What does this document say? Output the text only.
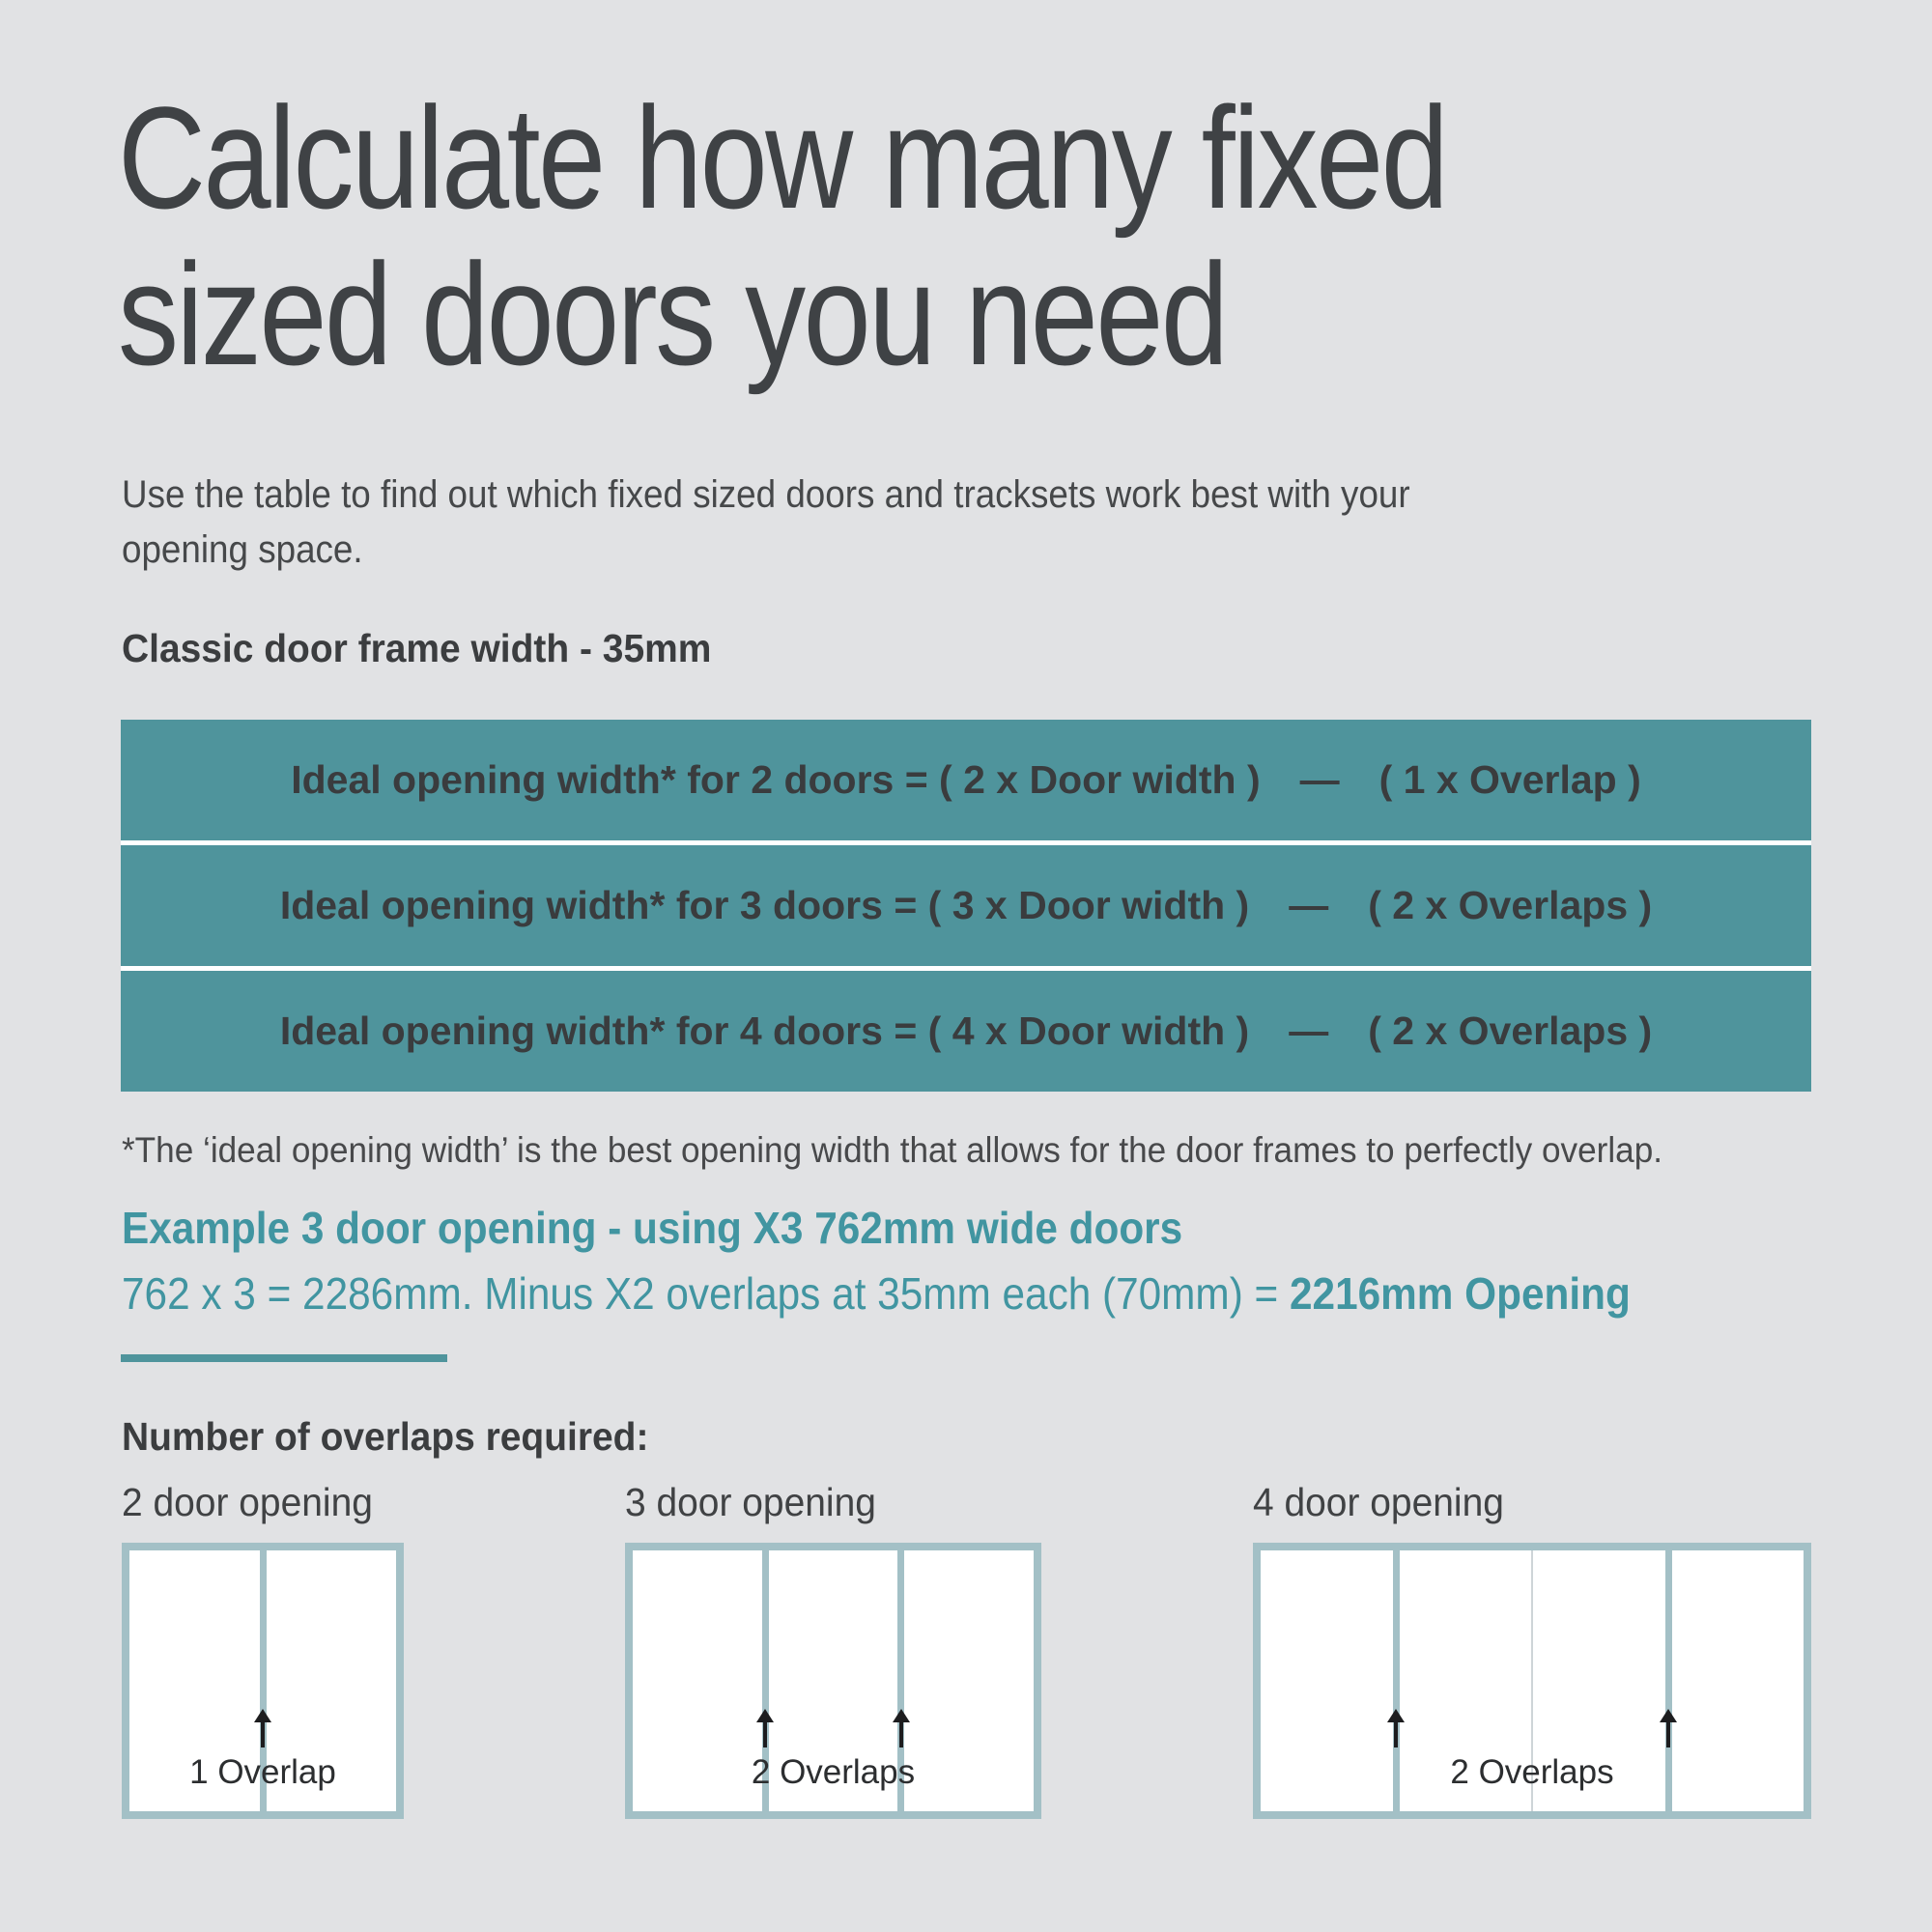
Calculate how many fixed
sized doors you need
Use the table to find out which fixed sized doors and tracksets work best with your
opening space.
Classic door frame width - 35mm
Ideal opening width* for 2 doors = ( 2 x Door width )  —  ( 1 x Overlap )
Ideal opening width* for 3 doors = ( 3 x Door width )  —  ( 2 x Overlaps )
Ideal opening width* for 4 doors = ( 4 x Door width )  —  ( 2 x Overlaps )
*The ‘ideal opening width’ is the best opening width that allows for the door frames to perfectly overlap.
Example 3 door opening - using X3 762mm wide doors
762 x 3 = 2286mm. Minus X2 overlaps at 35mm each (70mm) = 2216mm Opening
Number of overlaps required:
2 door opening
1 Overlap
3 door opening
2 Overlaps
4 door opening
2 Overlaps
